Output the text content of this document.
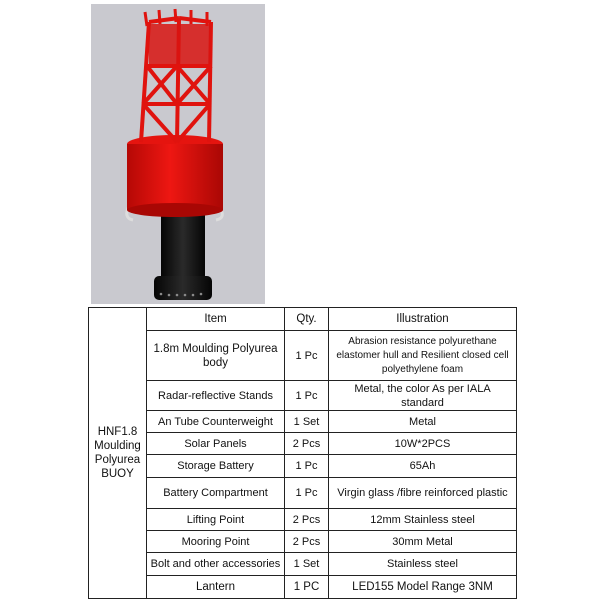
HNF1.8 Moulding Polyurea BUOY	Item	Qty.	Illustration
	1.8m Moulding Polyurea body	1 Pc	Abrasion resistance polyurethane elastomer hull and Resilient closed cell polyethylene foam
	Radar-reflective Stands	1 Pc	Metal, the color As per IALA standard
	An Tube Counterweight	1 Set	Metal
	Solar Panels	2 Pcs	10W*2PCS
	Storage Battery	1 Pc	65Ah
	Battery Compartment	1 Pc	Virgin glass /fibre reinforced plastic
	Lifting Point	2 Pcs	12mm Stainless steel
	Mooring Point	2 Pcs	30mm Metal
	Bolt and other accessories	1 Set	Stainless steel
	Lantern	1 PC	LED155 Model Range 3NM
